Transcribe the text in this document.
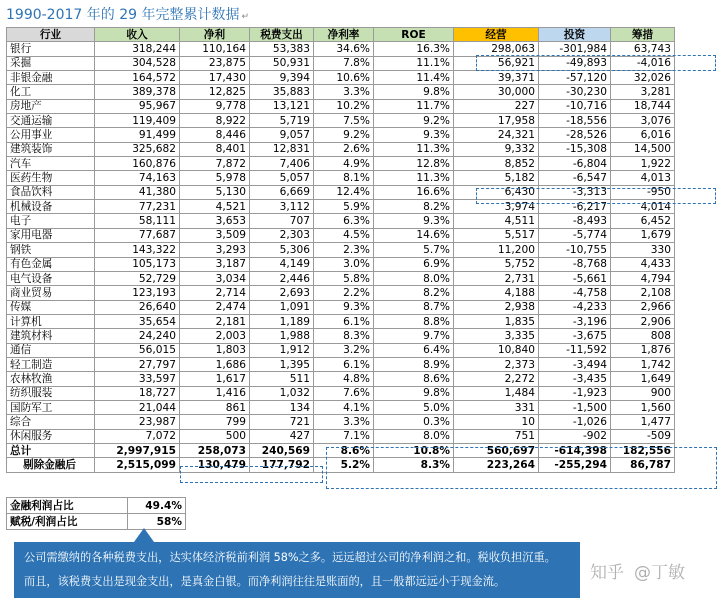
1990-2017 年的 29 年完整累计数据 ↵
行业	收入	净利	税费支出	净利率	ROE	经营	投资	筹措
银行	318,244	110,164	53,383	34.6%	16.3%	298,063	-301,984	63,743
采掘	304,528	23,875	50,931	7.8%	11.1%	56,921	-49,893	-4,016
非银金融	164,572	17,430	9,394	10.6%	11.4%	39,371	-57,120	32,026
化工	389,378	12,825	35,883	3.3%	9.8%	30,000	-30,230	3,281
房地产	95,967	9,778	13,121	10.2%	11.7%	227	-10,716	18,744
交通运输	119,409	8,922	5,719	7.5%	9.2%	17,958	-18,556	3,076
公用事业	91,499	8,446	9,057	9.2%	9.3%	24,321	-28,526	6,016
建筑装饰	325,682	8,401	12,831	2.6%	11.3%	9,332	-15,308	14,500
汽车	160,876	7,872	7,406	4.9%	12.8%	8,852	-6,804	1,922
医药生物	74,163	5,978	5,057	8.1%	11.3%	5,182	-6,547	4,013
食品饮料	41,380	5,130	6,669	12.4%	16.6%	6,430	-3,313	-950
机械设备	77,231	4,521	3,112	5.9%	8.2%	3,974	-6,217	4,014
电子	58,111	3,653	707	6.3%	9.3%	4,511	-8,493	6,452
家用电器	77,687	3,509	2,303	4.5%	14.6%	5,517	-5,774	1,679
钢铁	143,322	3,293	5,306	2.3%	5.7%	11,200	-10,755	330
有色金属	105,173	3,187	4,149	3.0%	6.9%	5,752	-8,768	4,433
电气设备	52,729	3,034	2,446	5.8%	8.0%	2,731	-5,661	4,794
商业贸易	123,193	2,714	2,693	2.2%	8.2%	4,188	-4,758	2,108
传媒	26,640	2,474	1,091	9.3%	8.7%	2,938	-4,233	2,966
计算机	35,654	2,181	1,189	6.1%	8.8%	1,835	-3,196	2,906
建筑材料	24,240	2,003	1,988	8.3%	9.7%	3,335	-3,675	808
通信	56,015	1,803	1,912	3.2%	6.4%	10,840	-11,592	1,876
轻工制造	27,797	1,686	1,395	6.1%	8.9%	2,373	-3,494	1,742
农林牧渔	33,597	1,617	511	4.8%	8.6%	2,272	-3,435	1,649
纺织服装	18,727	1,416	1,032	7.6%	9.8%	1,484	-1,923	900
国防军工	21,044	861	134	4.1%	5.0%	331	-1,500	1,560
综合	23,987	799	721	3.3%	0.3%	10	-1,026	1,477
休闲服务	7,072	500	427	7.1%	8.0%	751	-902	-509
总计	2,997,915	258,073	240,569	8.6%	10.8%	560,697	-614,398	182,556
剔除金融后	2,515,099	130,479	177,792	5.2%	8.3%	223,264	-255,294	86,787
金融利润占比	49.4%
赋税/利润占比	58%
公司需缴纳的各种税费支出，达实体经济税前利润 58%之多。远远超过公司的净利润之和。税收负担沉重。
而且，该税费支出是现金支出，是真金白银。而净利润往往是账面的，且一般都远远小于现金流。	知乎 @丁敏
